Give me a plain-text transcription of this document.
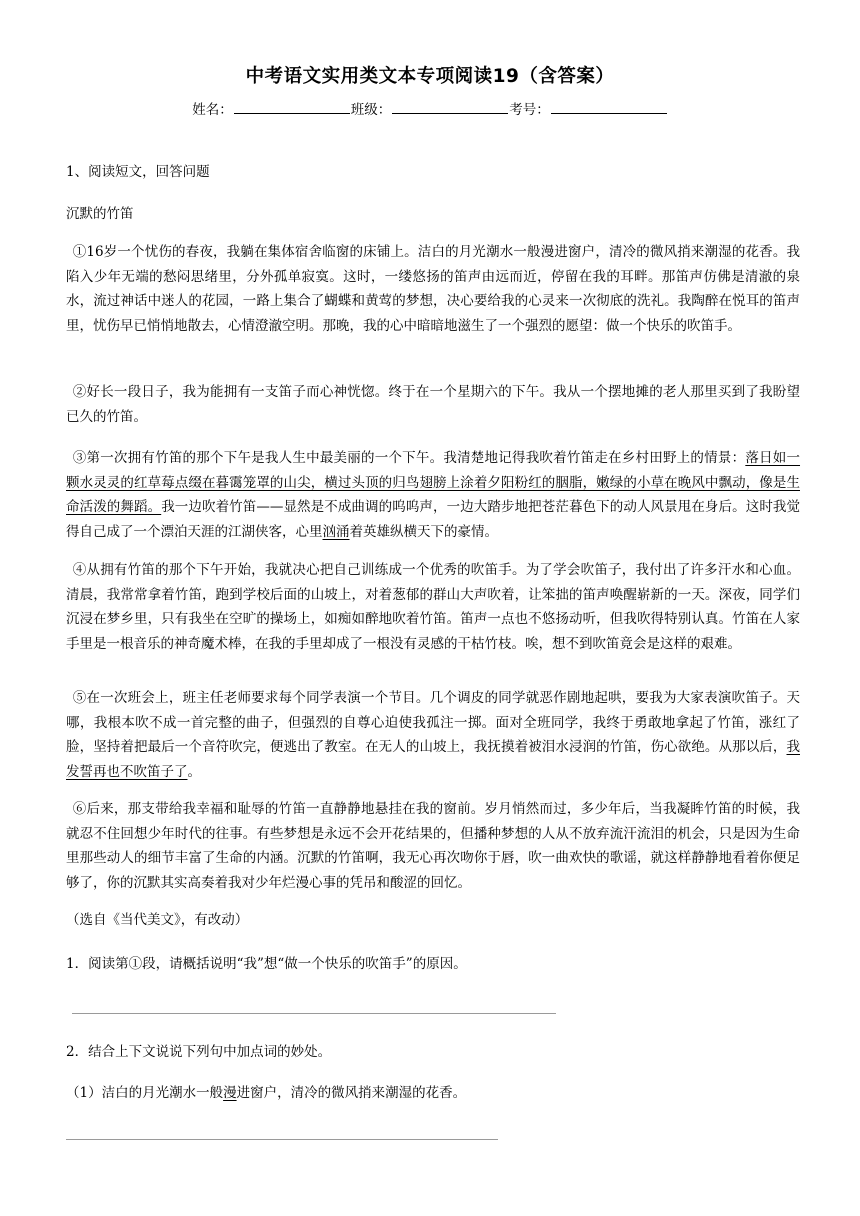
中考语文实用类文本专项阅读19（含答案）
姓名：	班级：	考号：
1、阅读短文，回答问题
沉默的竹笛
①16岁一个忧伤的春夜，我躺在集体宿舍临窗的床铺上。洁白的月光潮水一般漫进窗户，清冷的微风捎来潮湿的花香。我陷入少年无端的愁闷思绪里，分外孤单寂寞。这时，一缕悠扬的笛声由远而近，停留在我的耳畔。那笛声仿佛是清澈的泉水，流过神话中迷人的花园，一路上集合了蝴蝶和黄莺的梦想，决心要给我的心灵来一次彻底的洗礼。我陶醉在悦耳的笛声里，忧伤早已悄悄地散去，心情澄澈空明。那晚，我的心中暗暗地滋生了一个强烈的愿望：做一个快乐的吹笛手。
②好长一段日子，我为能拥有一支笛子而心神恍惚。终于在一个星期六的下午。我从一个摆地摊的老人那里买到了我盼望已久的竹笛。
③第一次拥有竹笛的那个下午是我人生中最美丽的一个下午。我清楚地记得我吹着竹笛走在乡村田野上的情景：落日如一颗水灵灵的红草莓点缀在暮霭笼罩的山尖，横过头顶的归鸟翅膀上涂着夕阳粉红的胭脂，嫩绿的小草在晚风中飘动，像是生命活泼的舞蹈。我一边吹着竹笛——显然是不成曲调的呜呜声，一边大踏步地把苍茫暮色下的动人风景甩在身后。这时我觉得自己成了一个漂泊天涯的江湖侠客，心里汹涌着英雄纵横天下的豪情。
④从拥有竹笛的那个下午开始，我就决心把自己训练成一个优秀的吹笛手。为了学会吹笛子，我付出了许多汗水和心血。清晨，我常常拿着竹笛，跑到学校后面的山坡上，对着葱郁的群山大声吹着，让笨拙的笛声唤醒崭新的一天。深夜，同学们沉浸在梦乡里，只有我坐在空旷的操场上，如痴如醉地吹着竹笛。笛声一点也不悠扬动听，但我吹得特别认真。竹笛在人家手里是一根音乐的神奇魔术棒，在我的手里却成了一根没有灵感的干枯竹枝。唉，想不到吹笛竟会是这样的艰难。
⑤在一次班会上，班主任老师要求每个同学表演一个节目。几个调皮的同学就恶作剧地起哄，要我为大家表演吹笛子。天哪，我根本吹不成一首完整的曲子，但强烈的自尊心迫使我孤注一掷。面对全班同学，我终于勇敢地拿起了竹笛，涨红了脸，坚持着把最后一个音符吹完，便逃出了教室。在无人的山坡上，我抚摸着被泪水浸润的竹笛，伤心欲绝。从那以后，我发誓再也不吹笛子了。
⑥后来，那支带给我幸福和耻辱的竹笛一直静静地悬挂在我的窗前。岁月悄然而过，多少年后，当我凝眸竹笛的时候，我就忍不住回想少年时代的往事。有些梦想是永远不会开花结果的，但播种梦想的人从不放弃流汗流泪的机会，只是因为生命里那些动人的细节丰富了生命的内涵。沉默的竹笛啊，我无心再次吻你于唇，吹一曲欢快的歌谣，就这样静静地看着你便足够了，你的沉默其实高奏着我对少年烂漫心事的凭吊和酸涩的回忆。
（选自《当代美文》，有改动）
1．阅读第①段，请概括说明“我”想“做一个快乐的吹笛手”的原因。
2．结合上下文说说下列句中加点词的妙处。
（1）洁白的月光潮水一般漫进窗户，清冷的微风捎来潮湿的花香。
